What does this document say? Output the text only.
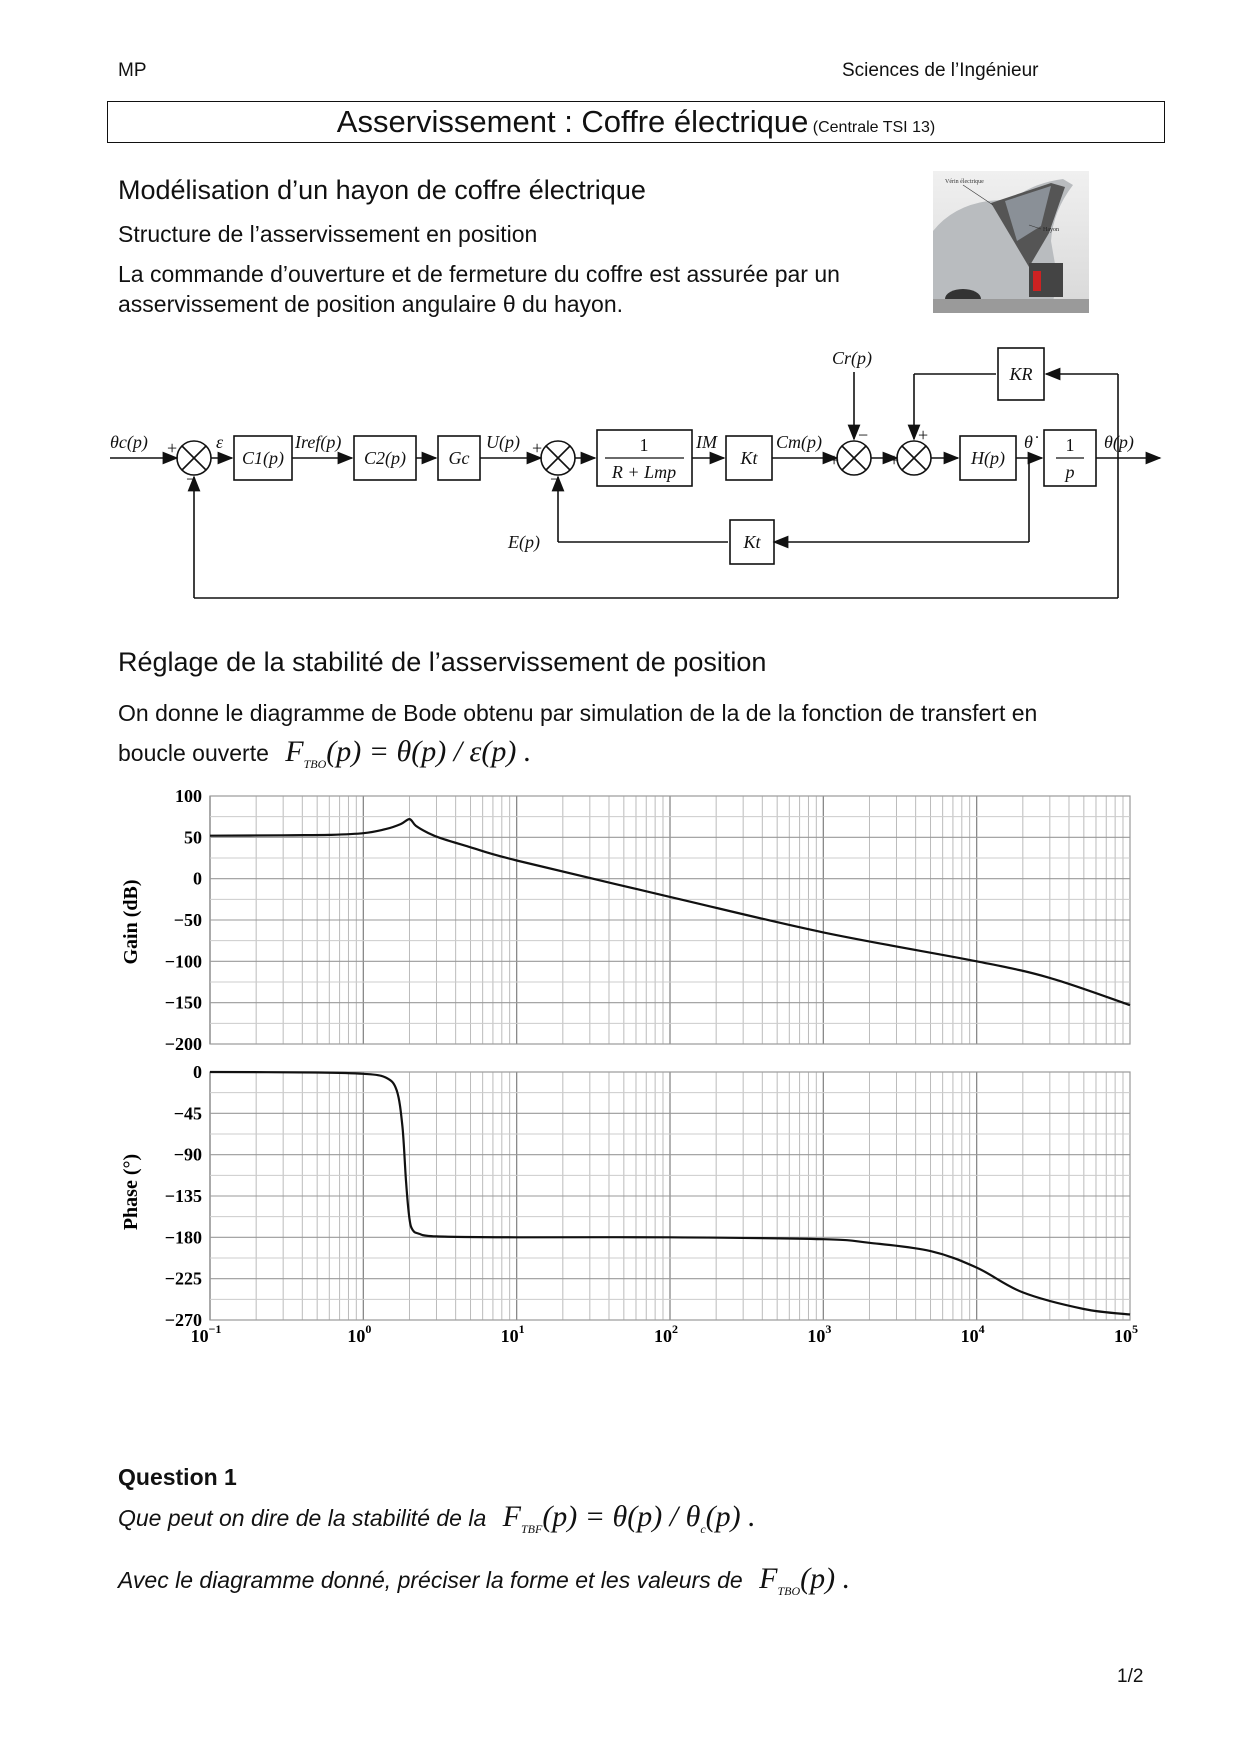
MP	Sciences de l’Ingénieur
Asservissement : Coffre électrique (Centrale TSI 13)
Modélisation d’un hayon de coffre électrique
Structure de l’asservissement en position
La commande d’ouverture et de fermeture du coffre est assurée par un
asservissement de position angulaire θ du hayon.
Vérin électrique
Hayon
+
−
+
−
+
−
+
+
θc(p)	ε	Iref(p)	U(p)	IM	Cm(p)
Cr(p)
E(p)
θ̇	θ(p)
C1(p)	C2(p) Gc
1
R + Lmp
Kt
Kt
KR
H(p)
1
p
Réglage de la stabilité de l’asservissement de position
On donne le diagramme de Bode obtenu par simulation de la de la fonction de transfert en
boucle ouverte $F_{TBO}(p) = \theta(p) / \varepsilon(p)$ .
100
50
0
−50
−100
−150
−200
0
−45
−90
−135
−180
−225
−270
$10^{-1}$	$10^0$	$10^1$	$10^2$	$10^3$	$10^4$	$10^5$
Gain (dB)
Phase (°)
Question 1
Que peut on dire de la stabilité de la $F_{TBF}(p) = \theta(p) / \theta_c(p)$ .
Avec le diagramme donné, préciser la forme et les valeurs de $F_{TBO}(p)$ .
1/2
